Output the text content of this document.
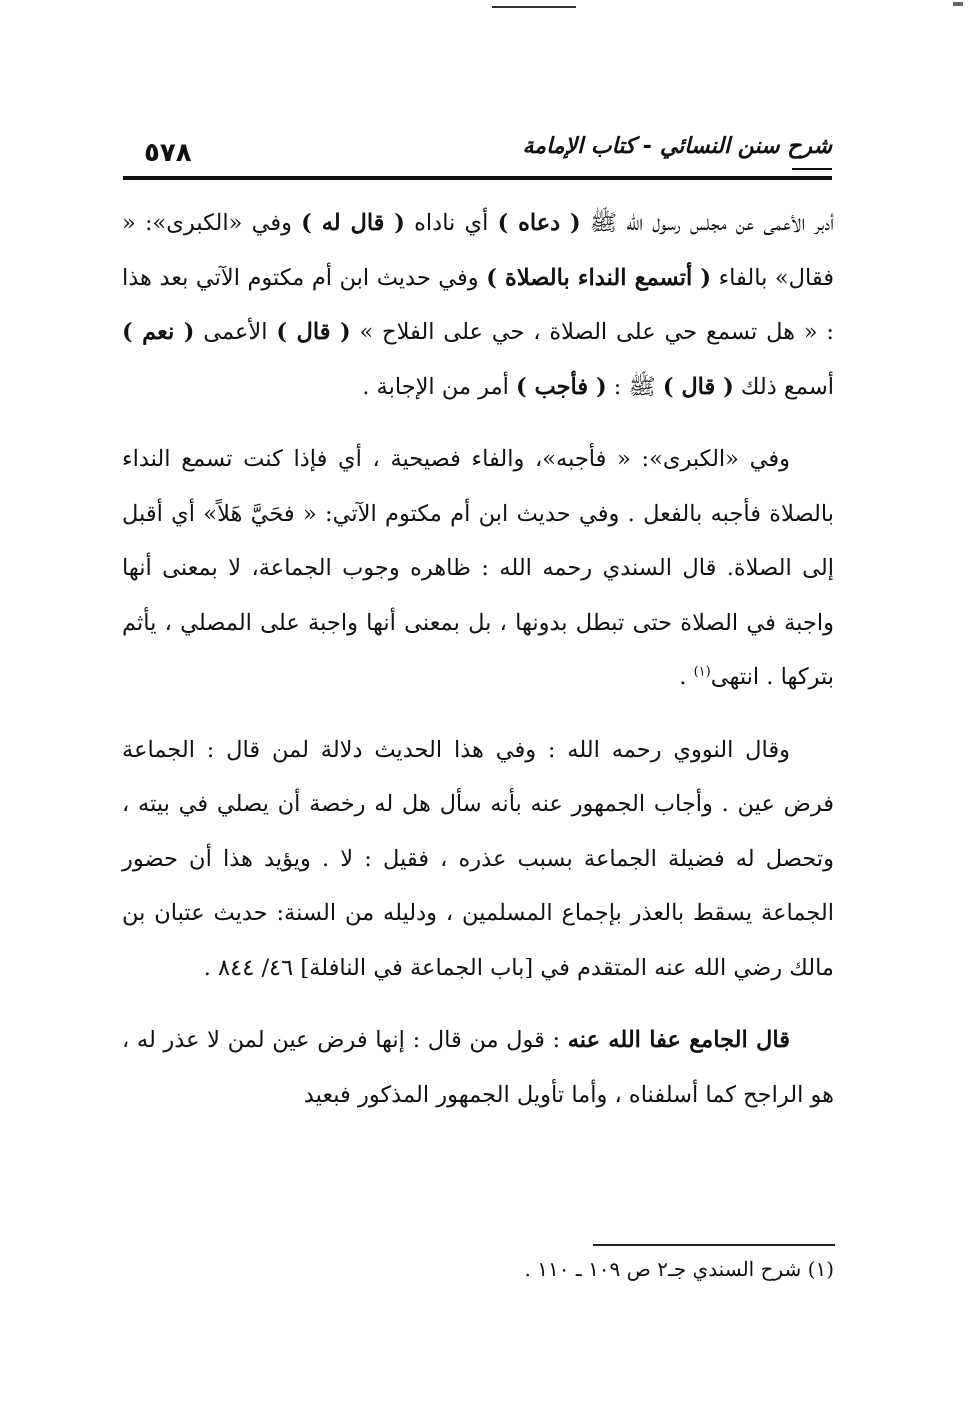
شرح سنن النسائي - كتاب الإمامة
٥٧٨

أدبر الأعمى عن مجلس رسول الله ﷺ ( دعاه ) أي ناداه ( قال له ) وفي «الكبرى»: « فقال» بالفاء ( أتسمع النداء بالصلاة ) وفي حديث ابن أم مكتوم الآتي بعد هذا : « هل تسمع حي على الصلاة ، حي على الفلاح » ( قال ) الأعمى ( نعم ) أسمع ذلك ( قال ) ﷺ : ( فأجب ) أمر من الإجابة .

وفي «الكبرى»: « فأجبه»، والفاء فصيحية ، أي فإذا كنت تسمع النداء بالصلاة فأجبه بالفعل . وفي حديث ابن أم مكتوم الآتي: « فحَيَّ هَلاً» أي أقبل إلى الصلاة. قال السندي رحمه الله : ظاهره وجوب الجماعة، لا بمعنى أنها واجبة في الصلاة حتى تبطل بدونها ، بل بمعنى أنها واجبة على المصلي ، يأثم بتركها . انتهى$^{(١)}$ .

وقال النووي رحمه الله : وفي هذا الحديث دلالة لمن قال : الجماعة فرض عين . وأجاب الجمهور عنه بأنه سأل هل له رخصة أن يصلي في بيته ، وتحصل له فضيلة الجماعة بسبب عذره ، فقيل : لا . ويؤيد هذا أن حضور الجماعة يسقط بالعذر بإجماع المسلمين ، ودليله من السنة: حديث عتبان بن مالك رضي الله عنه المتقدم في [باب الجماعة في النافلة] ٤٦/ ٨٤٤ .

قال الجامع عفا الله عنه : قول من قال : إنها فرض عين لمن لا عذر له ، هو الراجح كما أسلفناه ، وأما تأويل الجمهور المذكور فبعيد

(١) شرح السندي جـ٢ ص ١٠٩ ـ ١١٠ .
